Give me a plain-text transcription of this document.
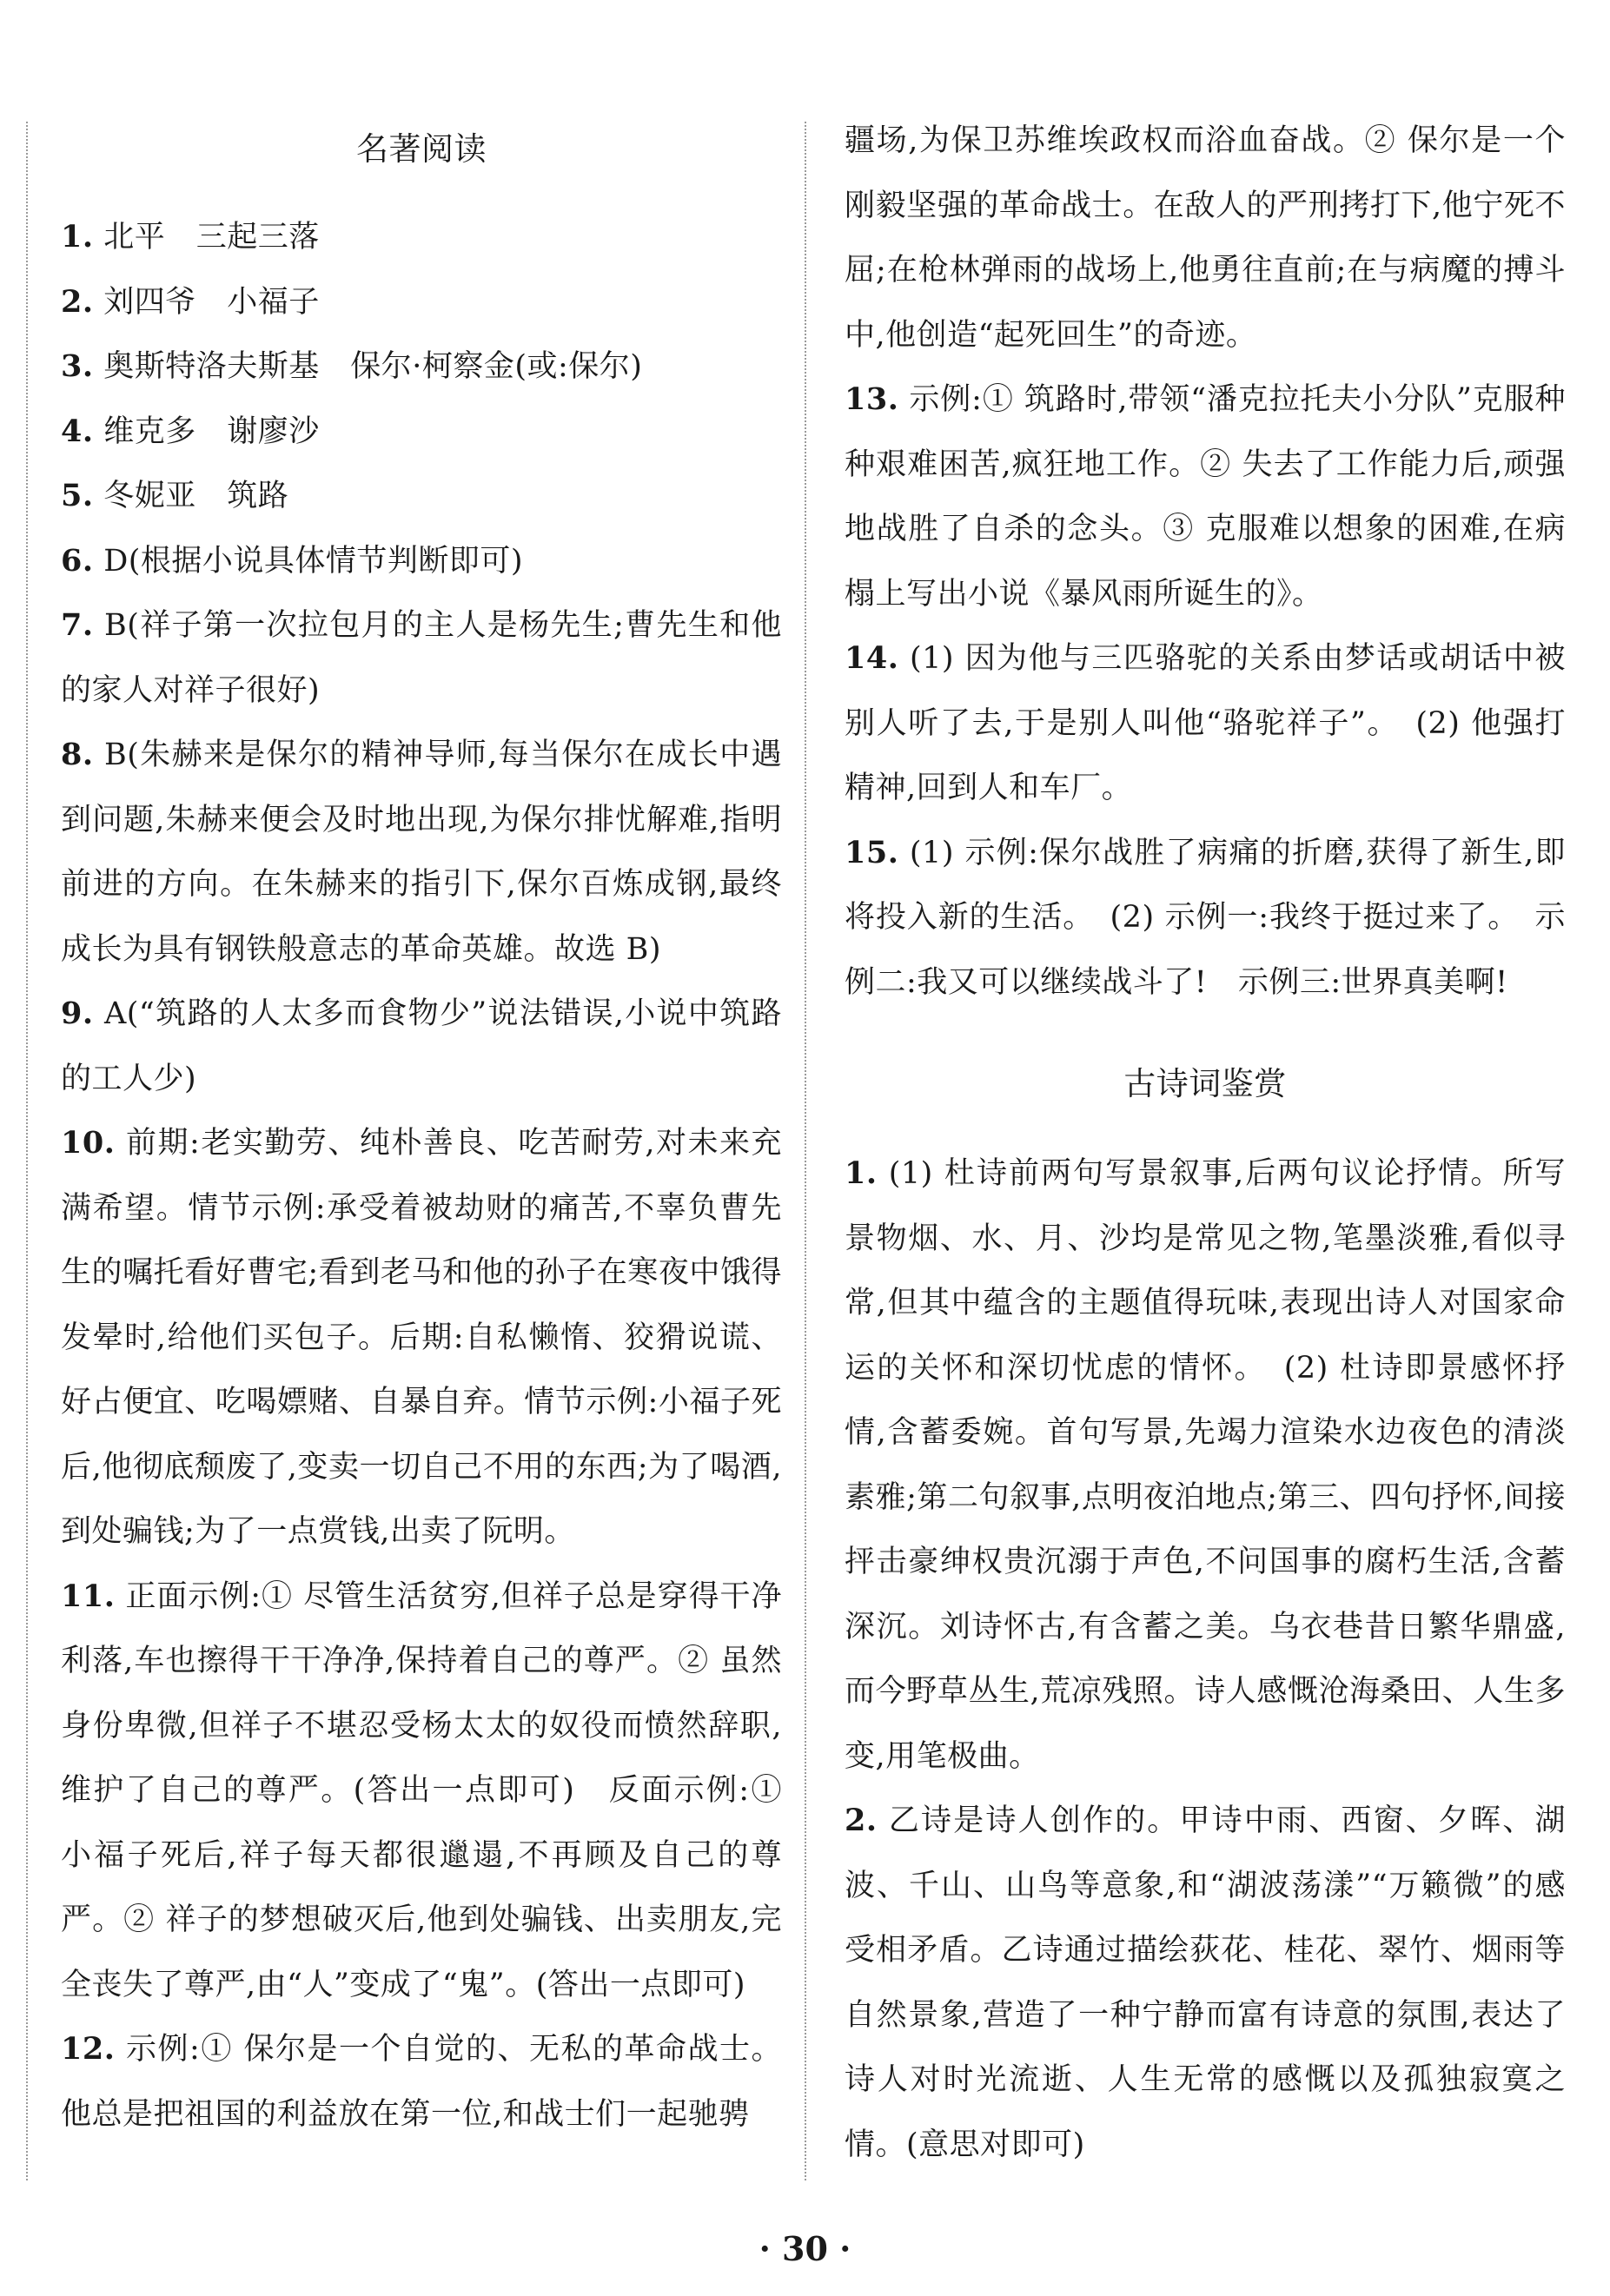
名著阅读

1. 北平　三起三落

2. 刘四爷　小福子

3. 奥斯特洛夫斯基　保尔·柯察金(或:保尔)

4. 维克多　谢廖沙

5. 冬妮亚　筑路

6. D(根据小说具体情节判断即可)

7. B(祥子第一次拉包月的主人是杨先生;曹先生和他的家人对祥子很好)

8. B(朱赫来是保尔的精神导师,每当保尔在成长中遇到问题,朱赫来便会及时地出现,为保尔排忧解难,指明前进的方向。在朱赫来的指引下,保尔百炼成钢,最终成长为具有钢铁般意志的革命英雄。故选 B)

9. A(“筑路的人太多而食物少”说法错误,小说中筑路的工人少)

10. 前期:老实勤劳、纯朴善良、吃苦耐劳,对未来充满希望。情节示例:承受着被劫财的痛苦,不辜负曹先生的嘱托看好曹宅;看到老马和他的孙子在寒夜中饿得发晕时,给他们买包子。后期:自私懒惰、狡猾说谎、好占便宜、吃喝嫖赌、自暴自弃。情节示例:小福子死后,他彻底颓废了,变卖一切自己不用的东西;为了喝酒,到处骗钱;为了一点赏钱,出卖了阮明。

11. 正面示例:① 尽管生活贫穷,但祥子总是穿得干净利落,车也擦得干干净净,保持着自己的尊严。② 虽然身份卑微,但祥子不堪忍受杨太太的奴役而愤然辞职,维护了自己的尊严。(答出一点即可)　反面示例:① 小福子死后,祥子每天都很邋遢,不再顾及自己的尊严。② 祥子的梦想破灭后,他到处骗钱、出卖朋友,完全丧失了尊严,由“人”变成了“鬼”。(答出一点即可)

12. 示例:① 保尔是一个自觉的、无私的革命战士。他总是把祖国的利益放在第一位,和战士们一起驰骋

疆场,为保卫苏维埃政权而浴血奋战。② 保尔是一个刚毅坚强的革命战士。在敌人的严刑拷打下,他宁死不屈;在枪林弹雨的战场上,他勇往直前;在与病魔的搏斗中,他创造“起死回生”的奇迹。

13. 示例:① 筑路时,带领“潘克拉托夫小分队”克服种种艰难困苦,疯狂地工作。② 失去了工作能力后,顽强地战胜了自杀的念头。③ 克服难以想象的困难,在病榻上写出小说《暴风雨所诞生的》。

14. (1) 因为他与三匹骆驼的关系由梦话或胡话中被别人听了去,于是别人叫他“骆驼祥子”。　(2) 他强打精神,回到人和车厂。

15. (1) 示例:保尔战胜了病痛的折磨,获得了新生,即将投入新的生活。　(2) 示例一:我终于挺过来了。　示例二:我又可以继续战斗了!　示例三:世界真美啊!

古诗词鉴赏

1. (1) 杜诗前两句写景叙事,后两句议论抒情。所写景物烟、水、月、沙均是常见之物,笔墨淡雅,看似寻常,但其中蕴含的主题值得玩味,表现出诗人对国家命运的关怀和深切忧虑的情怀。　(2) 杜诗即景感怀抒情,含蓄委婉。首句写景,先竭力渲染水边夜色的清淡素雅;第二句叙事,点明夜泊地点;第三、四句抒怀,间接抨击豪绅权贵沉溺于声色,不问国事的腐朽生活,含蓄深沉。刘诗怀古,有含蓄之美。乌衣巷昔日繁华鼎盛,而今野草丛生,荒凉残照。诗人感慨沧海桑田、人生多变,用笔极曲。

2. 乙诗是诗人创作的。甲诗中雨、西窗、夕晖、湖波、千山、山鸟等意象,和“湖波荡漾”“万籁微”的感受相矛盾。乙诗通过描绘荻花、桂花、翠竹、烟雨等自然景象,营造了一种宁静而富有诗意的氛围,表达了诗人对时光流逝、人生无常的感慨以及孤独寂寞之情。(意思对即可)

· 30 ·
